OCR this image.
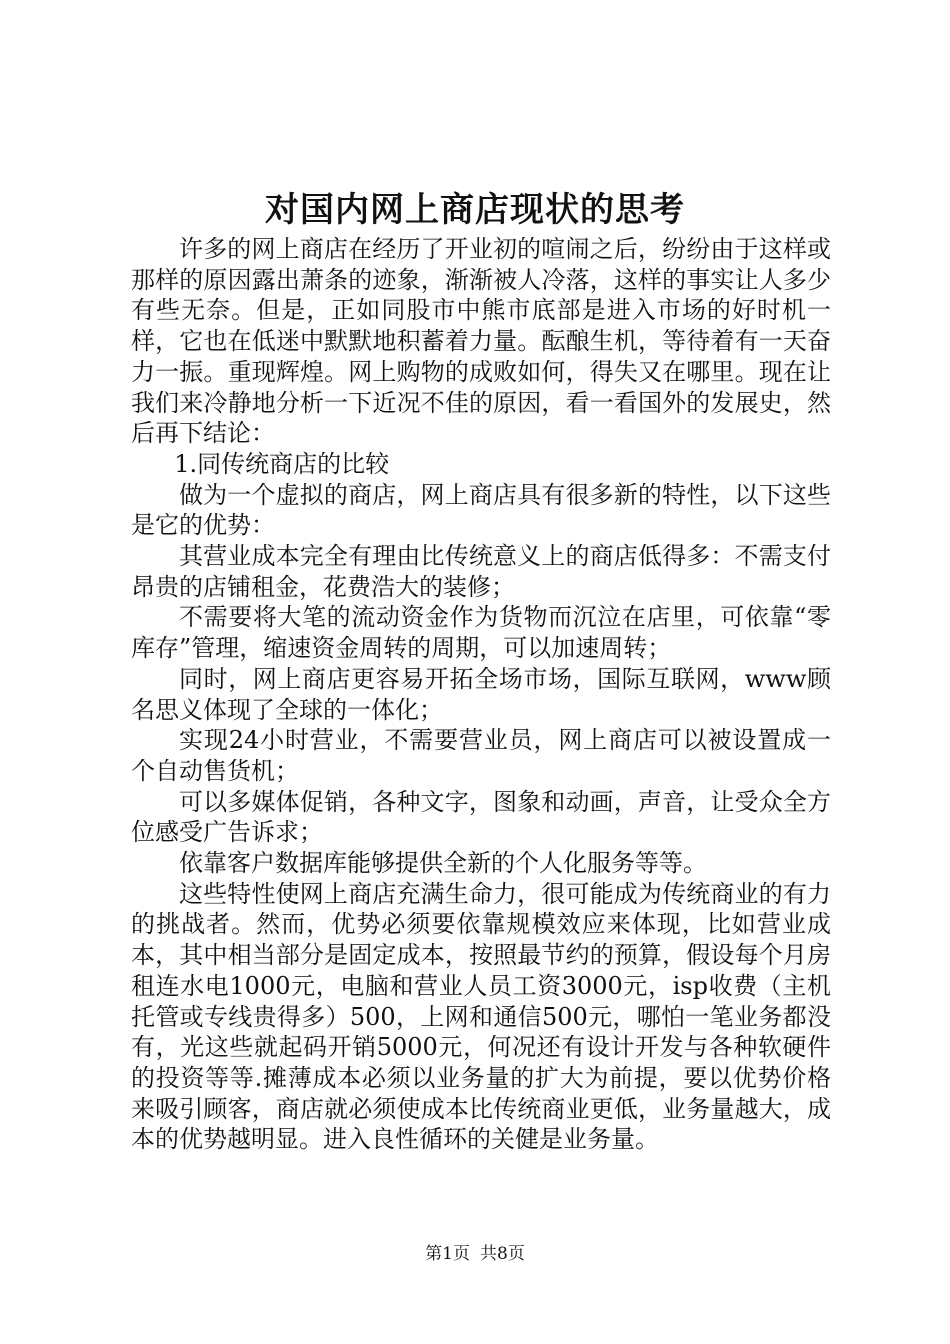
对国内网上商店现状的思考

许多的网上商店在经历了开业初的喧闹之后，纷纷由于这样或那样的原因露出萧条的迹象，渐渐被人冷落，这样的事实让人多少有些无奈。但是，正如同股市中熊市底部是进入市场的好时机一样，它也在低迷中默默地积蓄着力量。酝酿生机，等待着有一天奋力一振。重现辉煌。网上购物的成败如何，得失又在哪里。现在让我们来冷静地分析一下近况不佳的原因，看一看国外的发展史，然后再下结论：

1.同传统商店的比较

做为一个虚拟的商店，网上商店具有很多新的特性，以下这些是它的优势：

其营业成本完全有理由比传统意义上的商店低得多：不需支付昂贵的店铺租金，花费浩大的装修；

不需要将大笔的流动资金作为货物而沉泣在店里，可依靠“零库存”管理，缩速资金周转的周期，可以加速周转；

同时，网上商店更容易开拓全场市场，国际互联网，www顾名思义体现了全球的一体化；

实现24小时营业，不需要营业员，网上商店可以被设置成一个自动售货机；

可以多媒体促销，各种文字，图象和动画，声音，让受众全方位感受广告诉求；

依靠客户数据库能够提供全新的个人化服务等等。

这些特性使网上商店充满生命力，很可能成为传统商业的有力的挑战者。然而，优势必须要依靠规模效应来体现，比如营业成本，其中相当部分是固定成本，按照最节约的预算，假设每个月房租连水电1000元，电脑和营业人员工资3000元，isp收费（主机托管或专线贵得多）500，上网和通信500元，哪怕一笔业务都没有，光这些就起码开销5000元，何况还有设计开发与各种软硬件的投资等等.摊薄成本必须以业务量的扩大为前提，要以优势价格来吸引顾客，商店就必须使成本比传统商业更低，业务量越大，成本的优势越明显。进入良性循环的关健是业务量。

第1页 共8页
